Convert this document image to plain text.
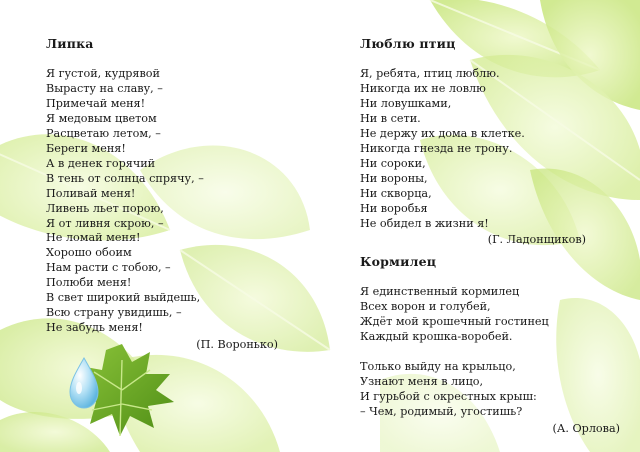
Липка
Я густой, кудрявой
Вырасту на славу, –
Примечай меня!
Я медовым цветом
Расцветаю летом, –
Береги меня!
А в денек горячий
В тень от солнца спрячу, –
Поливай меня!
Ливень льет порою,
Я от ливня скрою, –
Не ломай меня!
Хорошо обоим
Нам расти с тобою, –
Полюби меня!
В свет широкий выйдешь,
Всю страну увидишь, –
Не забудь меня!
(П. Воронько)
Люблю птиц
Я, ребята, птиц люблю.
Никогда их не ловлю
Ни ловушками,
Ни в сети.
Не держу их дома в клетке.
Никогда гнезда не трону.
Ни сороки,
Ни вороны,
Ни скворца,
Ни воробья
Не обидел в жизни я!
(Г. Ладонщиков)
Кормилец
Я единственный кормилец
Всех ворон и голубей,
Ждёт мой крошечный гостинец
Каждый крошка-воробей.
Только выйду на крыльцо,
Узнают меня в лицо,
И гурьбой с окрестных крыш:
– Чем, родимый, угостишь?
(А. Орлова)
